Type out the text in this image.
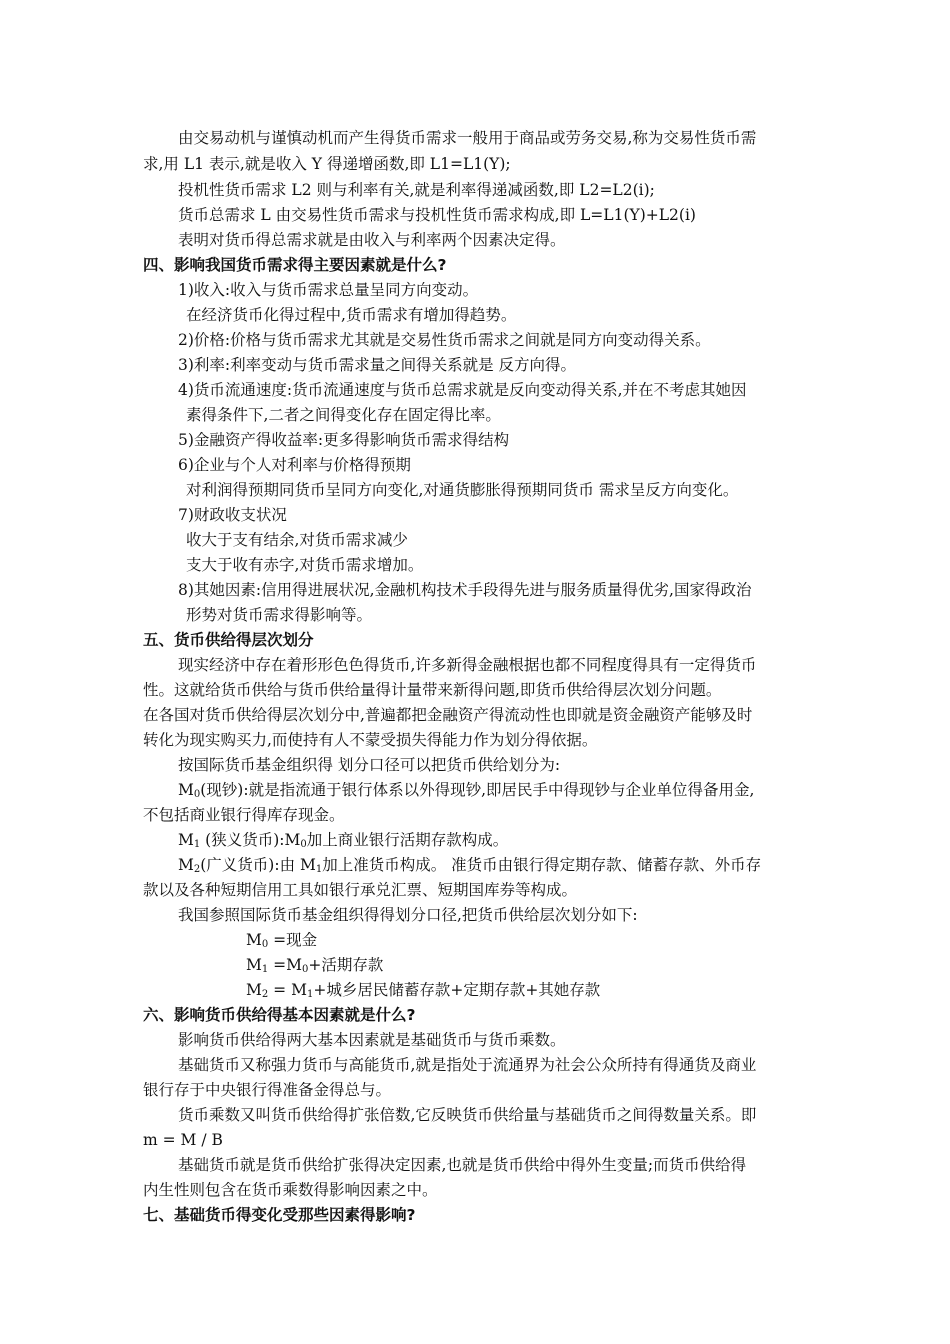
由交易动机与谨慎动机而产生得货币需求一般用于商品或劳务交易,称为交易性货币需
求,用 L1 表示,就是收入 Y 得递增函数,即 L1=L1(Y);
投机性货币需求 L2 则与利率有关,就是利率得递减函数,即 L2=L2(i);
货币总需求 L 由交易性货币需求与投机性货币需求构成,即 L=L1(Y)+L2(i)
表明对货币得总需求就是由收入与利率两个因素决定得。
四、影响我国货币需求得主要因素就是什么?
1)收入:收入与货币需求总量呈同方向变动。
在经济货币化得过程中,货币需求有增加得趋势。
2)价格:价格与货币需求尤其就是交易性货币需求之间就是同方向变动得关系。
3)利率:利率变动与货币需求量之间得关系就是 反方向得。
4)货币流通速度:货币流通速度与货币总需求就是反向变动得关系,并在不考虑其她因
素得条件下,二者之间得变化存在固定得比率。
5)金融资产得收益率:更多得影响货币需求得结构
6)企业与个人对利率与价格得预期
对利润得预期同货币呈同方向变化,对通货膨胀得预期同货币 需求呈反方向变化。
7)财政收支状况
收大于支有结余,对货币需求减少
支大于收有赤字,对货币需求增加。
8)其她因素:信用得进展状况,金融机构技术手段得先进与服务质量得优劣,国家得政治
形势对货币需求得影响等。
五、货币供给得层次划分
现实经济中存在着形形色色得货币,许多新得金融根据也都不同程度得具有一定得货币
性。这就给货币供给与货币供给量得计量带来新得问题,即货币供给得层次划分问题。
在各国对货币供给得层次划分中,普遍都把金融资产得流动性也即就是资金融资产能够及时
转化为现实购买力,而使持有人不蒙受损失得能力作为划分得依据。
按国际货币基金组织得 划分口径可以把货币供给划分为:
$M_0$(现钞):就是指流通于银行体系以外得现钞,即居民手中得现钞与企业单位得备用金,
不包括商业银行得库存现金。
$M_1$ (狭义货币)$:M_0$加上商业银行活期存款构成。
$M_2$(广义货币):由 $M_1$加上准货币构成。 准货币由银行得定期存款、储蓄存款、外币存
款以及各种短期信用工具如银行承兑汇票、短期国库券等构成。
我国参照国际货币基金组织得得划分口径,把货币供给层次划分如下:
$M_0$ =现金
$M_1 =M_0+$活期存款
$M_2 = M_1+$城乡居民储蓄存款+定期存款+其她存款
六、影响货币供给得基本因素就是什么?
影响货币供给得两大基本因素就是基础货币与货币乘数。
基础货币又称强力货币与高能货币,就是指处于流通界为社会公众所持有得通货及商业
银行存于中央银行得准备金得总与。
货币乘数又叫货币供给得扩张倍数,它反映货币供给量与基础货币之间得数量关系。即
m = M / B
基础货币就是货币供给扩张得决定因素,也就是货币供给中得外生变量;而货币供给得
内生性则包含在货币乘数得影响因素之中。
七、基础货币得变化受那些因素得影响?
